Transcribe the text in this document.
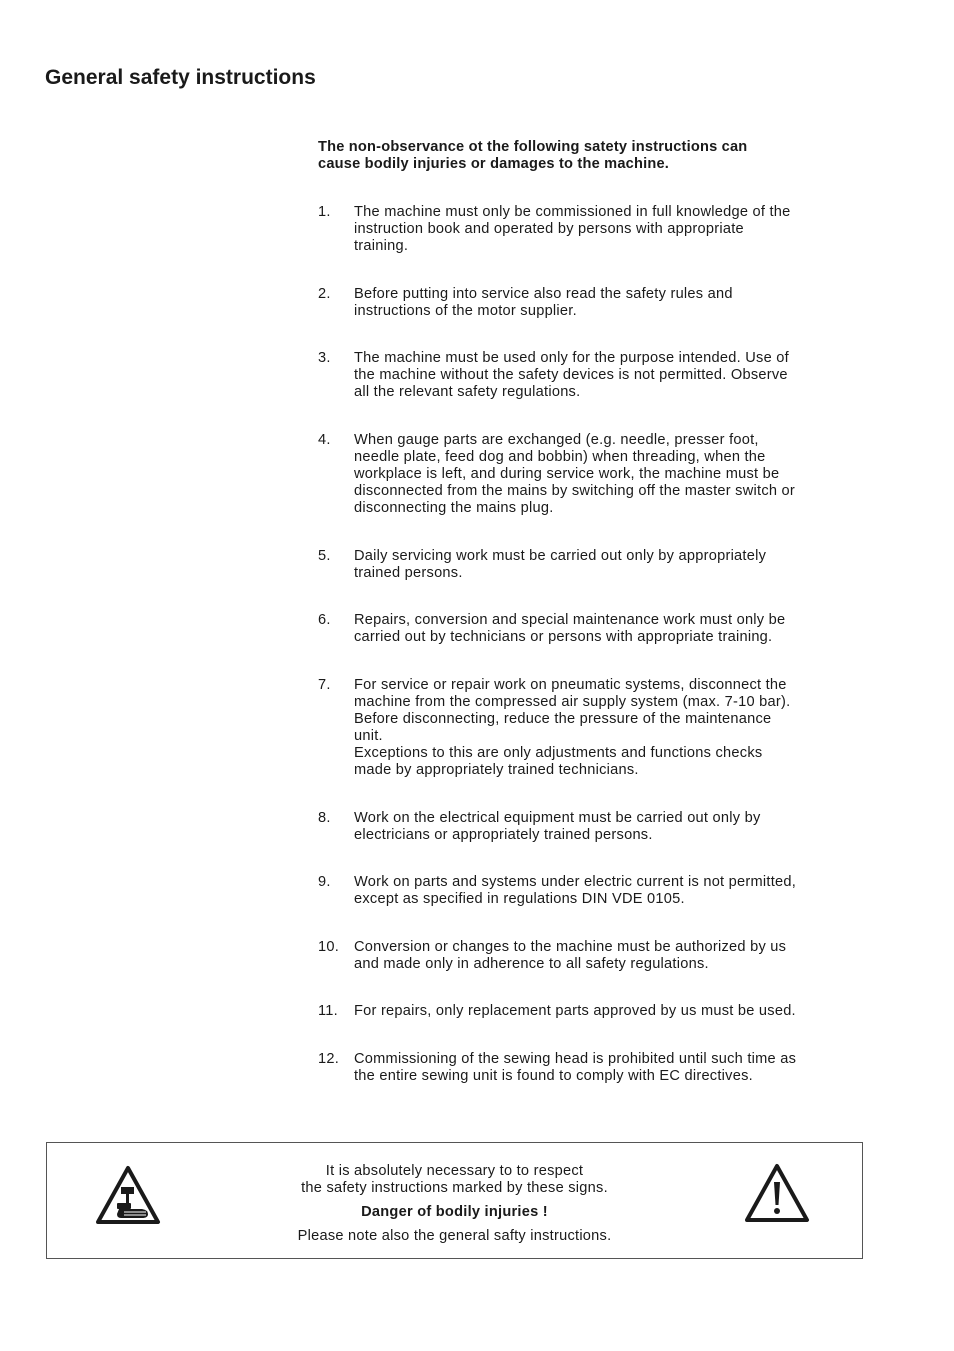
General safety instructions
The non-observance ot the following satety instructions can
cause bodily injuries or damages to the machine.
1. The machine must only be commissioned in full knowledge of the
instruction book and operated by persons with appropriate
training.
2. Before putting into service also read the safety rules and
instructions of the motor supplier.
3. The machine must be used only for the purpose intended. Use of
the machine without the safety devices is not permitted. Observe
all the relevant safety regulations.
4. When gauge parts are exchanged (e.g. needle, presser foot,
needle plate, feed dog and bobbin) when threading, when the
workplace is left, and during service work, the machine must be
disconnected from the mains by switching off the master switch or
disconnecting the mains plug.
5. Daily servicing work must be carried out only by appropriately
trained persons.
6. Repairs, conversion and special maintenance work must only be
carried out by technicians or persons with appropriate training.
7. For service or repair work on pneumatic systems, disconnect the
machine from the compressed air supply system (max. 7-10 bar).
Before disconnecting, reduce the pressure of the maintenance
unit.
Exceptions to this are only adjustments and functions checks
made by appropriately trained technicians.
8. Work on the electrical equipment must be carried out only by
electricians or appropriately trained persons.
9. Work on parts and systems under electric current is not permitted,
except as specified in regulations DIN VDE 0105.
10. Conversion or changes to the machine must be authorized by us
and made only in adherence to all safety regulations.
11. For repairs, only replacement parts approved by us must be used.
12. Commissioning of the sewing head is prohibited until such time as
the entire sewing unit is found to comply with EC directives.
It is absolutely necessary to to respect
the safety instructions marked by these signs.
Danger of bodily injuries !
Please note also the general safty instructions.
